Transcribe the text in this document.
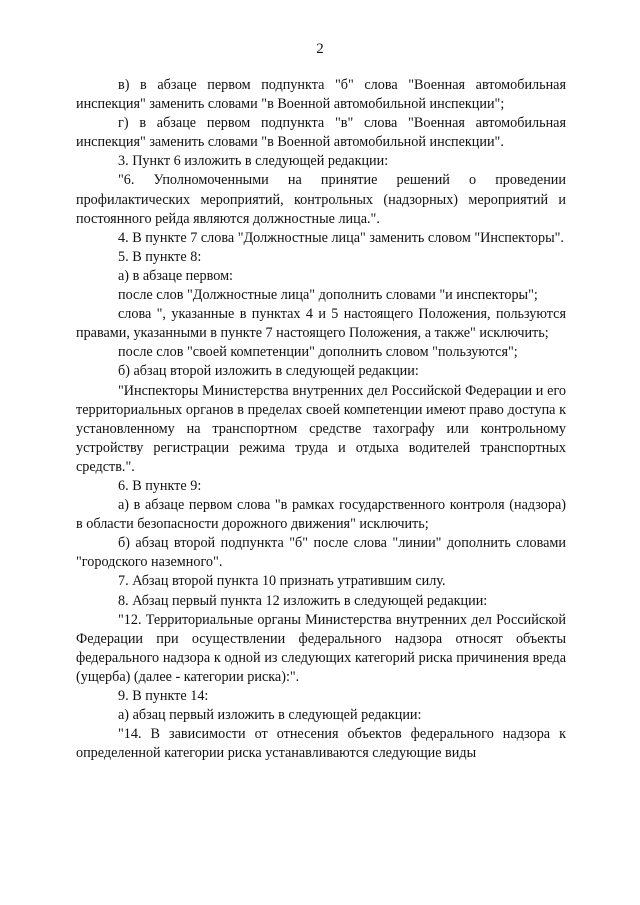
2

в) в абзаце первом подпункта "б" слова "Военная автомобильная инспекция" заменить словами "в Военной автомобильной инспекции";

г) в абзаце первом подпункта "в" слова "Военная автомобильная инспекция" заменить словами "в Военной автомобильной инспекции".

3. Пункт 6 изложить в следующей редакции:

"6. Уполномоченными на принятие решений о проведении профилактических мероприятий, контрольных (надзорных) мероприятий и постоянного рейда являются должностные лица.".

4. В пункте 7 слова "Должностные лица" заменить словом "Инспекторы".

5. В пункте 8:

а) в абзаце первом:

после слов "Должностные лица" дополнить словами "и инспекторы";

слова ", указанные в пунктах 4 и 5 настоящего Положения, пользуются правами, указанными в пункте 7 настоящего Положения, а также" исключить;

после слов "своей компетенции" дополнить словом "пользуются";

б) абзац второй изложить в следующей редакции:

"Инспекторы Министерства внутренних дел Российской Федерации и его территориальных органов в пределах своей компетенции имеют право доступа к установленному на транспортном средстве тахографу или контрольному устройству регистрации режима труда и отдыха водителей транспортных средств.".

6. В пункте 9:

а) в абзаце первом слова "в рамках государственного контроля (надзора) в области безопасности дорожного движения" исключить;

б) абзац второй подпункта "б" после слова "линии" дополнить словами "городского наземного".

7. Абзац второй пункта 10 признать утратившим силу.

8. Абзац первый пункта 12 изложить в следующей редакции:

"12. Территориальные органы Министерства внутренних дел Российской Федерации при осуществлении федерального надзора относят объекты федерального надзора к одной из следующих категорий риска причинения вреда (ущерба) (далее - категории риска):".

9. В пункте 14:

а) абзац первый изложить в следующей редакции:

"14. В зависимости от отнесения объектов федерального надзора к определенной категории риска устанавливаются следующие виды
